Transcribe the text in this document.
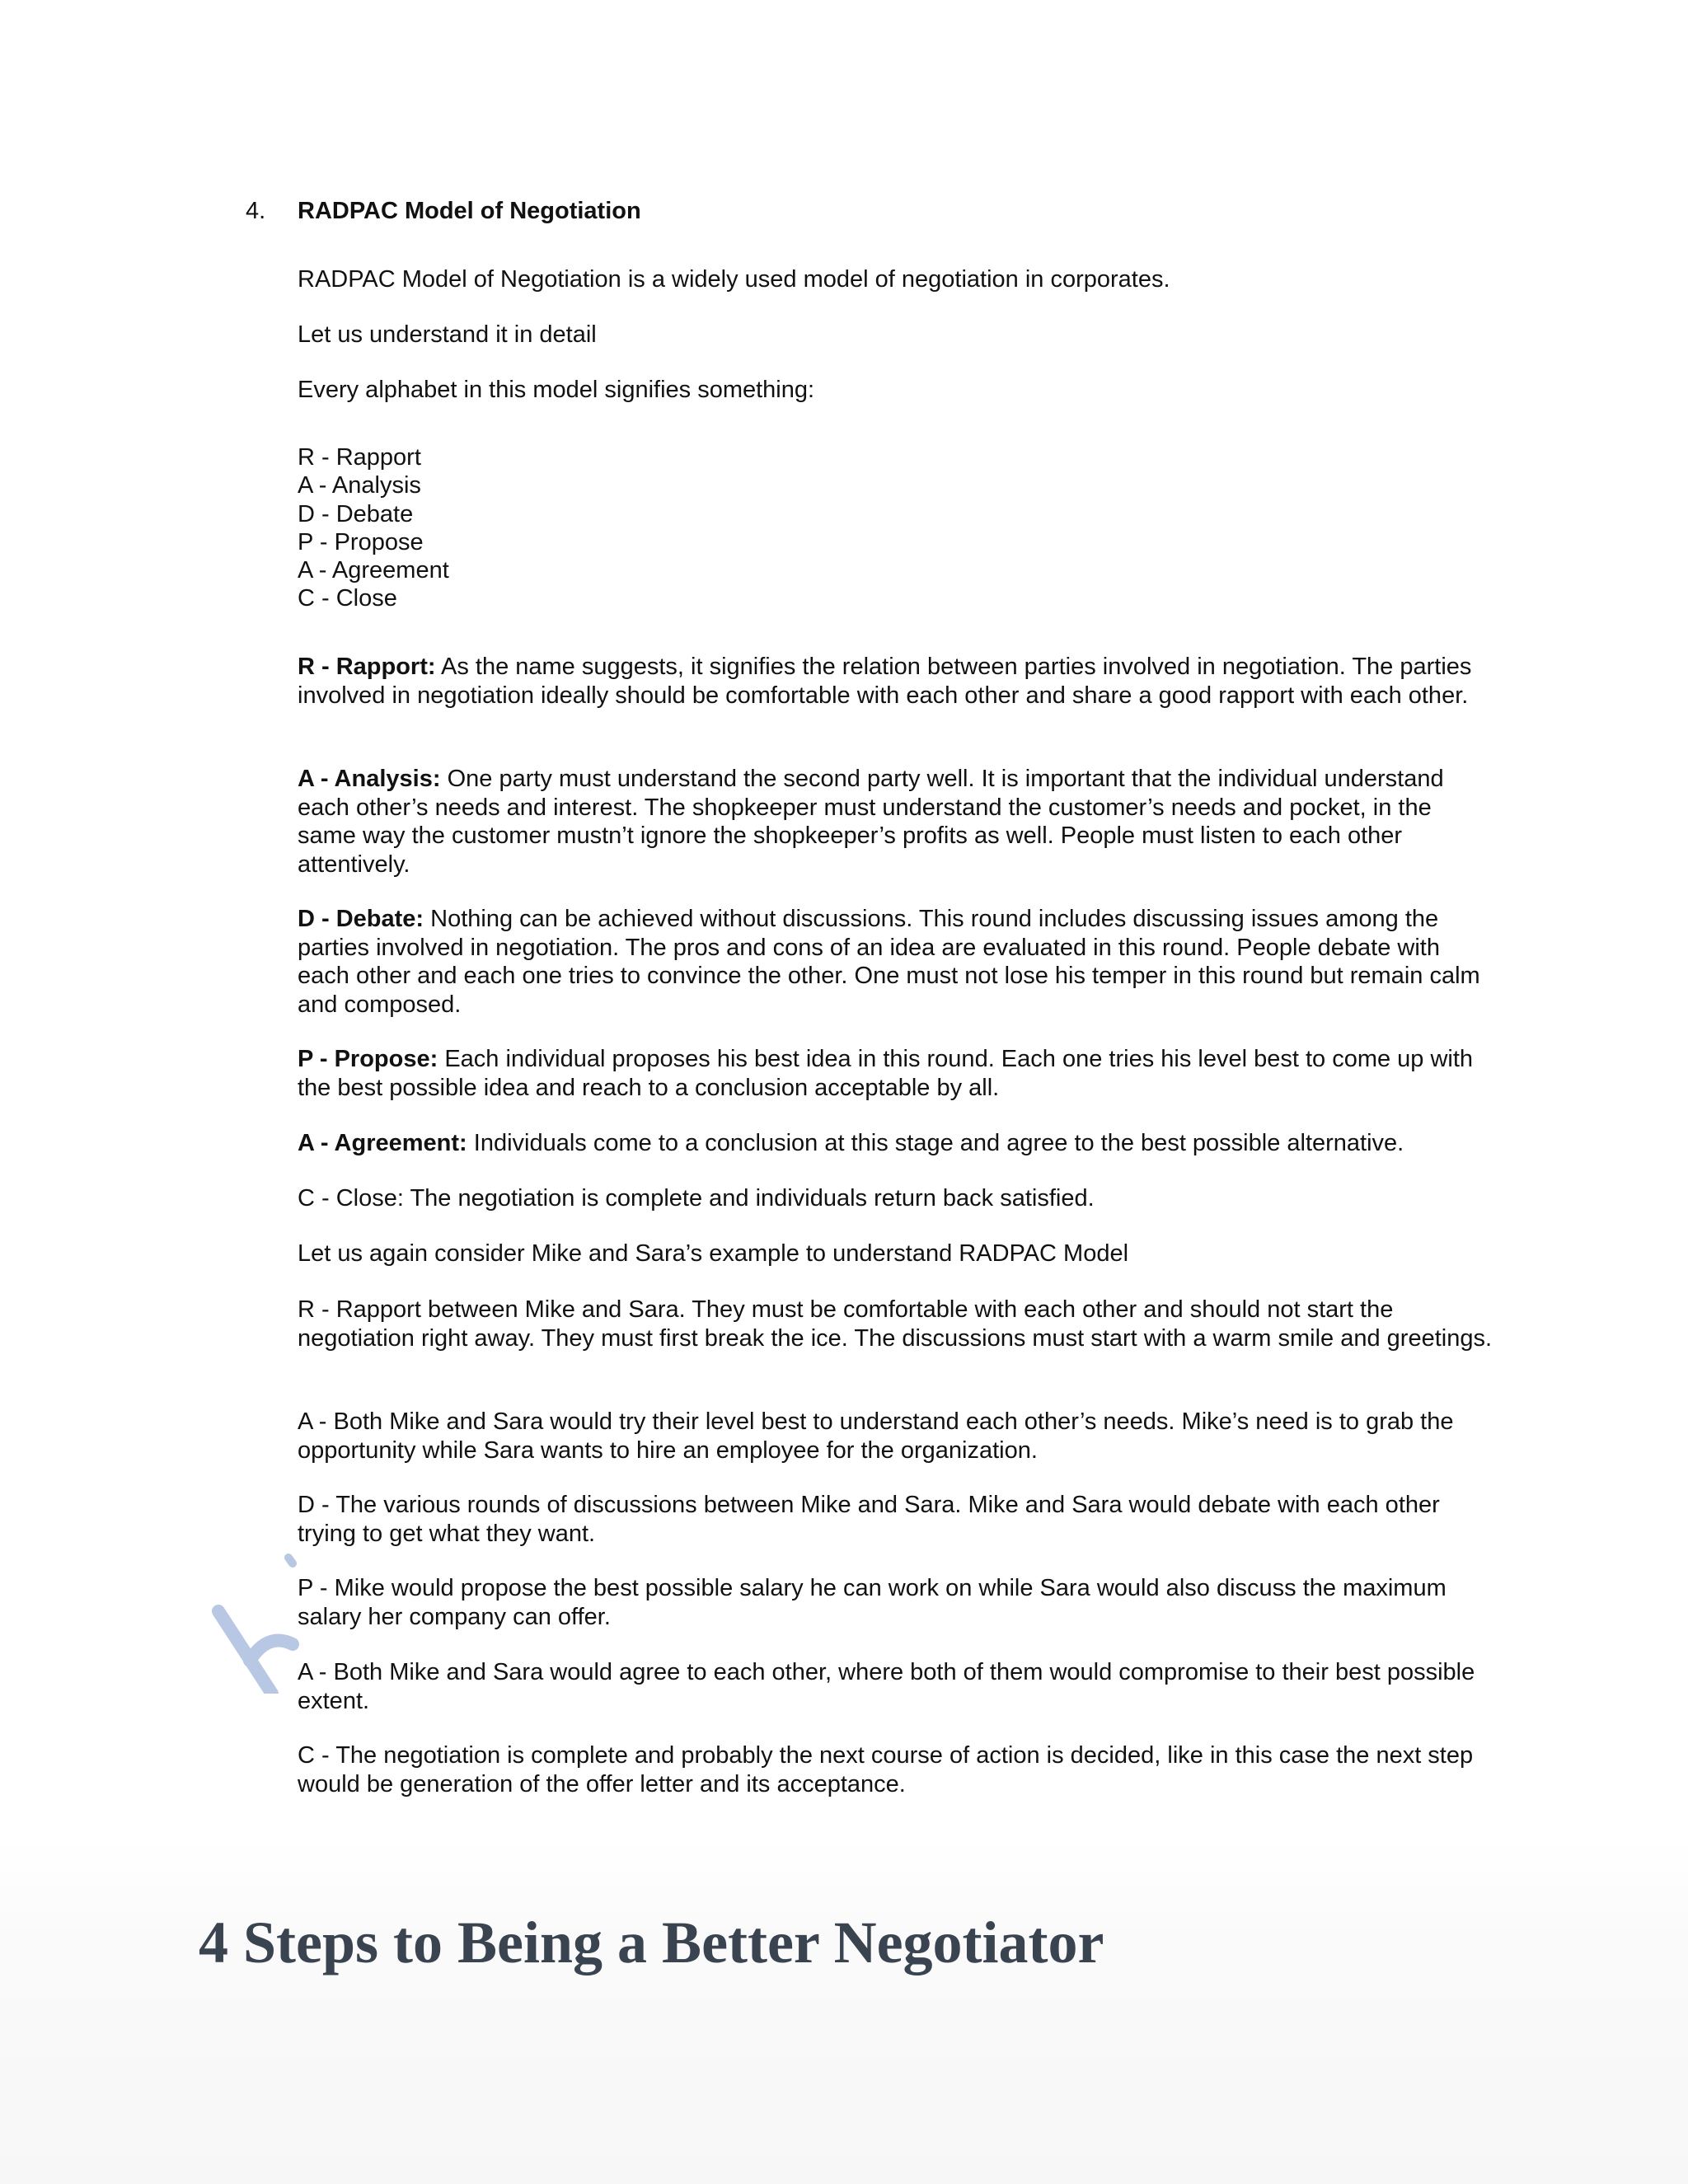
4. RADPAC Model of Negotiation
RADPAC Model of Negotiation is a widely used model of negotiation in corporates.
Let us understand it in detail
Every alphabet in this model signifies something:
R - Rapport
A - Analysis
D - Debate
P - Propose
A - Agreement
C - Close
R - Rapport: As the name suggests, it signifies the relation between parties involved in negotiation. The parties involved in negotiation ideally should be comfortable with each other and share a good rapport with each other.
A - Analysis: One party must understand the second party well. It is important that the individual understand each other’s needs and interest. The shopkeeper must understand the customer’s needs and pocket, in the same way the customer mustn’t ignore the shopkeeper’s profits as well. People must listen to each other attentively.
D - Debate: Nothing can be achieved without discussions. This round includes discussing issues among the parties involved in negotiation. The pros and cons of an idea are evaluated in this round. People debate with each other and each one tries to convince the other. One must not lose his temper in this round but remain calm and composed.
P - Propose: Each individual proposes his best idea in this round. Each one tries his level best to come up with the best possible idea and reach to a conclusion acceptable by all.
A - Agreement: Individuals come to a conclusion at this stage and agree to the best possible alternative.
C - Close: The negotiation is complete and individuals return back satisfied.
Let us again consider Mike and Sara’s example to understand RADPAC Model
R - Rapport between Mike and Sara. They must be comfortable with each other and should not start the negotiation right away. They must first break the ice. The discussions must start with a warm smile and greetings.
A - Both Mike and Sara would try their level best to understand each other’s needs. Mike’s need is to grab the opportunity while Sara wants to hire an employee for the organization.
D - The various rounds of discussions between Mike and Sara. Mike and Sara would debate with each other trying to get what they want.
P - Mike would propose the best possible salary he can work on while Sara would also discuss the maximum salary her company can offer.
A - Both Mike and Sara would agree to each other, where both of them would compromise to their best possible extent.
C - The negotiation is complete and probably the next course of action is decided, like in this case the next step would be generation of the offer letter and its acceptance.
4 Steps to Being a Better Negotiator
